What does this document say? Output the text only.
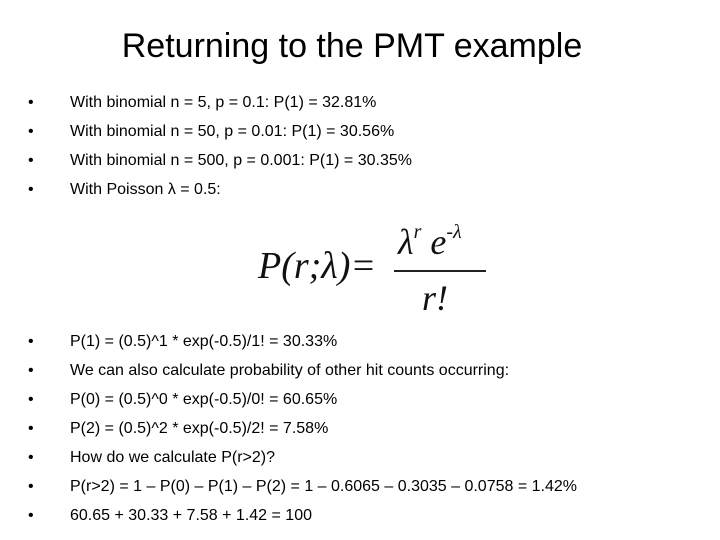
Returning to the PMT example
• With binomial n = 5, p = 0.1: P(1) = 32.81%
• With binomial n = 50, p = 0.01: P(1) = 30.56%
• With binomial n = 500, p = 0.001: P(1) = 30.35%
• With Poisson λ = 0.5:
P(r;λ)=
$\lambda^r$ $e^{-\lambda}$
r!
• P(1) = (0.5)^1 * exp(-0.5)/1! = 30.33%
• We can also calculate probability of other hit counts occurring:
• P(0) = (0.5)^0 * exp(-0.5)/0! = 60.65%
• P(2) = (0.5)^2 * exp(-0.5)/2! = 7.58%
• How do we calculate P(r>2)?
• P(r>2) = 1 – P(0) – P(1) – P(2) = 1 – 0.6065 – 0.3035 – 0.0758 = 1.42%
• 60.65 + 30.33 + 7.58 + 1.42 = 100
